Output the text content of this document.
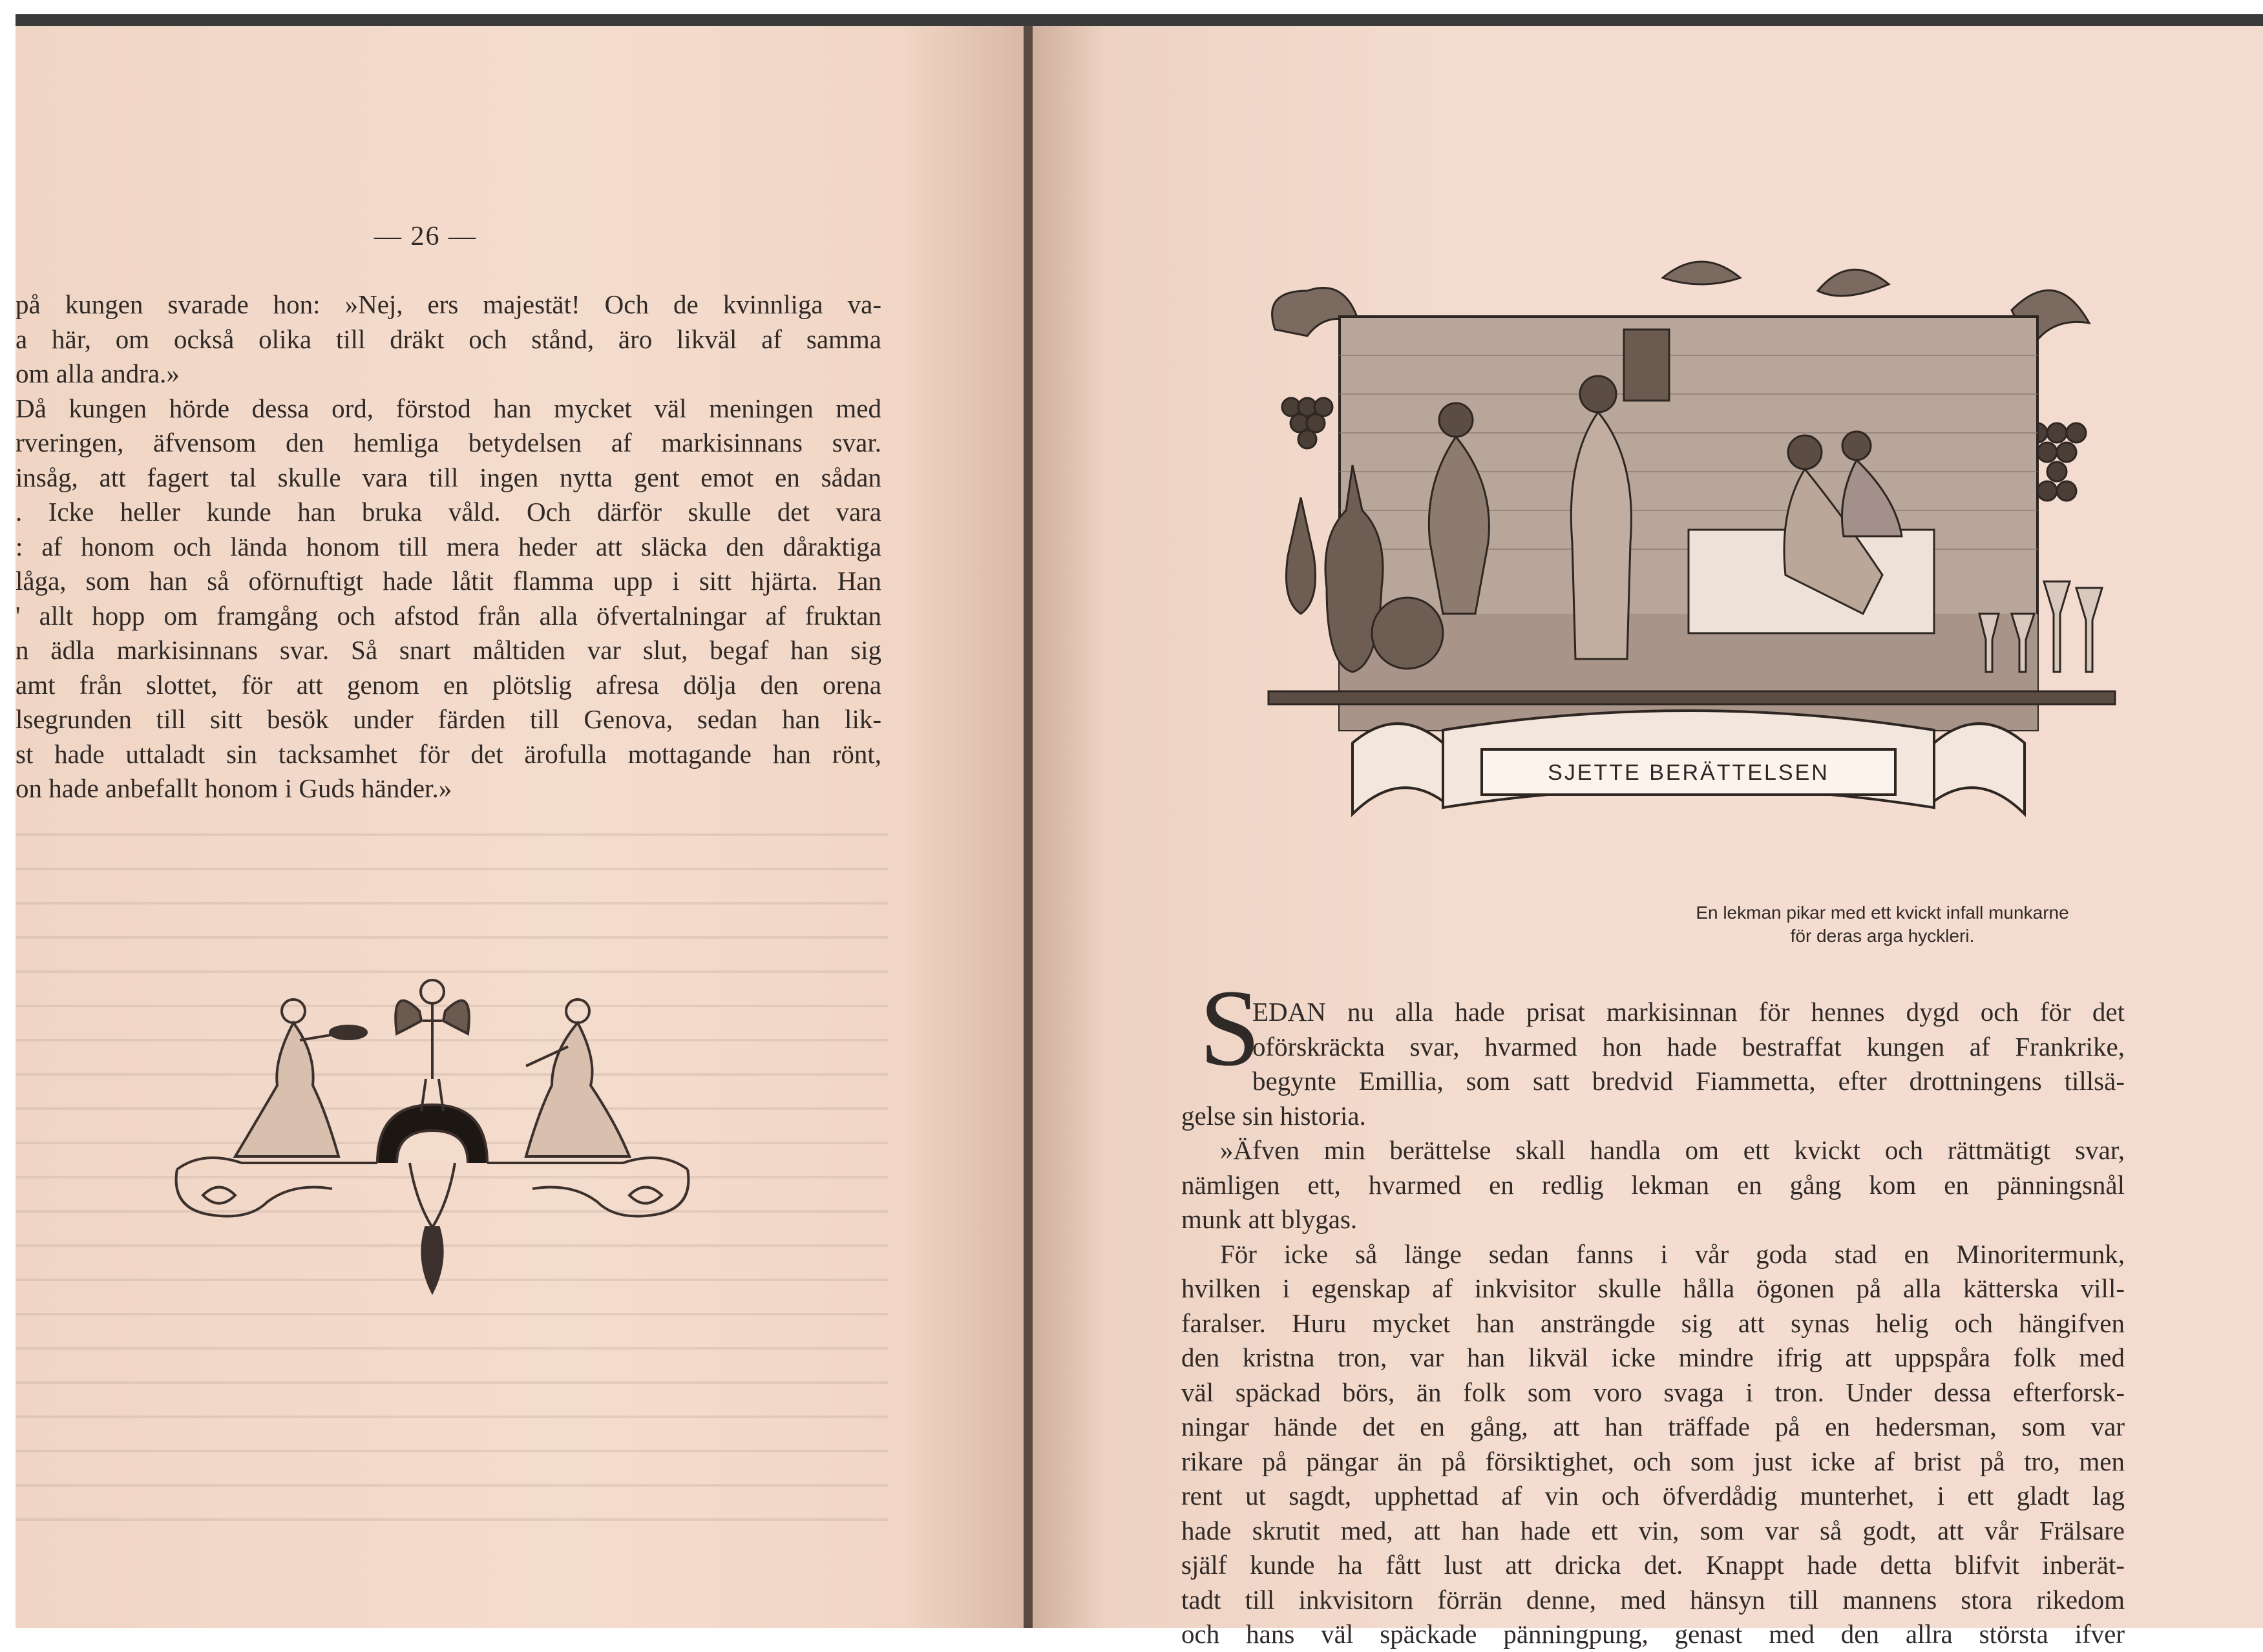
— 26 —
på kungen svarade hon: »Nej, ers majestät! Och de kvinnliga va-
a här, om också olika till dräkt och stånd, äro likväl af samma
om alla andra.»
Då kungen hörde dessa ord, förstod han mycket väl meningen med
rveringen, äfvensom den hemliga betydelsen af markisinnans svar.
insåg, att fagert tal skulle vara till ingen nytta gent emot en sådan
. Icke heller kunde han bruka våld. Och därför skulle det vara
: af honom och lända honom till mera heder att släcka den dåraktiga
låga, som han så oförnuftigt hade låtit flamma upp i sitt hjärta. Han
' allt hopp om framgång och afstod från alla öfvertalningar af fruktan
n ädla markisinnans svar. Så snart måltiden var slut, begaf han sig
amt från slottet, för att genom en plötslig afresa dölja den orena
lsegrunden till sitt besök under färden till Genova, sedan han lik-
st hade uttaladt sin tacksamhet för det ärofulla mottagande han rönt,
on hade anbefallt honom i Guds händer.»
SJETTE BERÄTTELSEN
En lekman pikar med ett kvickt infall munkarne
för deras arga hyckleri.
S
EDAN nu alla hade prisat markisinnan för hennes dygd och för det
oförskräckta svar, hvarmed hon hade bestraffat kungen af Frankrike,
begynte Emillia, som satt bredvid Fiammetta, efter drottningens tillsä-
gelse sin historia.
»Äfven min berättelse skall handla om ett kvickt och rättmätigt svar,
nämligen ett, hvarmed en redlig lekman en gång kom en pänningsnål
munk att blygas.
För icke så länge sedan fanns i vår goda stad en Minoritermunk,
hvilken i egenskap af inkvisitor skulle hålla ögonen på alla kätterska vill-
faralser. Huru mycket han ansträngde sig att synas helig och hängifven
den kristna tron, var han likväl icke mindre ifrig att uppspåra folk med
väl späckad börs, än folk som voro svaga i tron. Under dessa efterforsk-
ningar hände det en gång, att han träffade på en hedersman, som var
rikare på pängar än på försiktighet, och som just icke af brist på tro, men
rent ut sagdt, upphettad af vin och öfverdådig munterhet, i ett gladt lag
hade skrutit med, att han hade ett vin, som var så godt, att vår Frälsare
själf kunde ha fått lust att dricka det. Knappt hade detta blifvit inberät-
tadt till inkvisitorn förrän denne, med hänsyn till mannens stora rikedom
och hans väl späckade pänningpung, genast med den allra största ifver
